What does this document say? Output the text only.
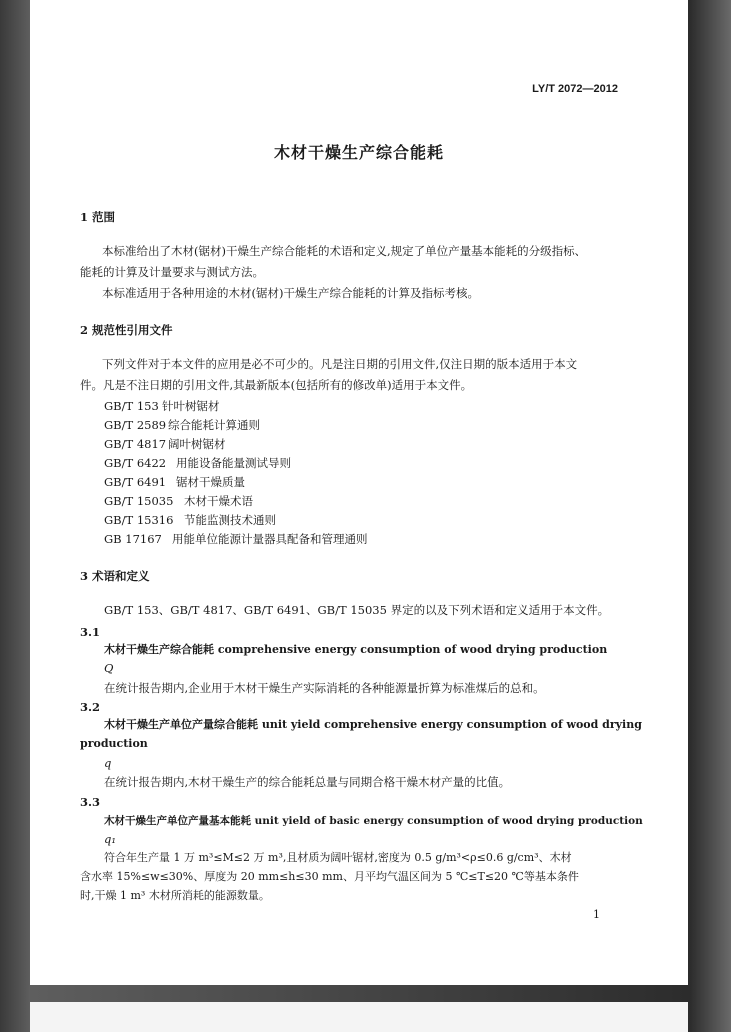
LY/T 2072—2012
木材干燥生产综合能耗
1 范围
本标准给出了木材(锯材)干燥生产综合能耗的术语和定义,规定了单位产量基本能耗的分级指标、
能耗的计算及计量要求与测试方法。
本标准适用于各种用途的木材(锯材)干燥生产综合能耗的计算及指标考核。
2 规范性引用文件
下列文件对于本文件的应用是必不可少的。凡是注日期的引用文件,仅注日期的版本适用于本文
件。凡是不注日期的引用文件,其最新版本(包括所有的修改单)适用于本文件。
GB/T 153 针叶树锯材
GB/T 2589 综合能耗计算通则
GB/T 4817 阔叶树锯材
GB/T 6422 用能设备能量测试导则
GB/T 6491 锯材干燥质量
GB/T 15035 木材干燥术语
GB/T 15316 节能监测技术通则
GB 17167 用能单位能源计量器具配备和管理通则
3 术语和定义
GB/T 153、GB/T 4817、GB/T 6491、GB/T 15035 界定的以及下列术语和定义适用于本文件。
3.1
木材干燥生产综合能耗 comprehensive energy consumption of wood drying production
Q
在统计报告期内,企业用于木材干燥生产实际消耗的各种能源量折算为标准煤后的总和。
3.2
木材干燥生产单位产量综合能耗 unit yield comprehensive energy consumption of wood drying
production
q
在统计报告期内,木材干燥生产的综合能耗总量与同期合格干燥木材产量的比值。
3.3
木材干燥生产单位产量基本能耗 unit yield of basic energy consumption of wood drying production
q₁
符合年生产量 1 万 m³≤M≤2 万 m³,且材质为阔叶锯材,密度为 0.5 g/m³<ρ≤0.6 g/cm³、木材
含水率 15%≤w≤30%、厚度为 20 mm≤h≤30 mm、月平均气温区间为 5 ℃≤T≤20 ℃等基本条件
时,干燥 1 m³ 木材所消耗的能源数量。
1
